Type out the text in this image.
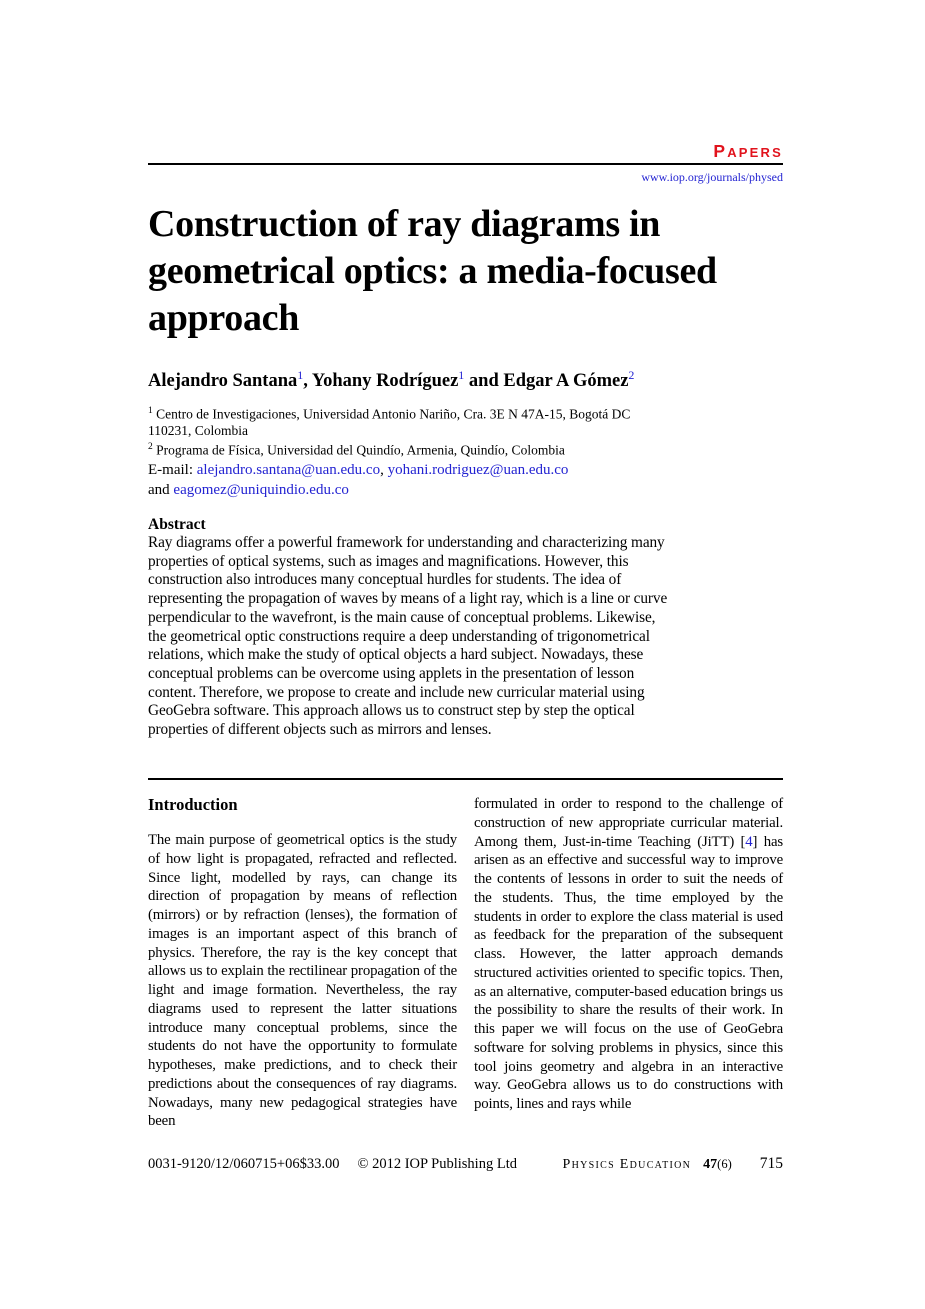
PAPERS
www.iop.org/journals/physed
Construction of ray diagrams in geometrical optics: a media-focused approach
Alejandro Santana$^1$, Yohany Rodríguez$^1$ and Edgar A Gómez$^2$
$^1$ Centro de Investigaciones, Universidad Antonio Nariño, Cra. 3E N 47A-15, Bogotá DC 110231, Colombia
$^2$ Programa de Física, Universidad del Quindío, Armenia, Quindío, Colombia
E-mail: alejandro.santana@uan.edu.co, yohani.rodriguez@uan.edu.co
and eagomez@uniquindio.edu.co
Abstract
Ray diagrams offer a powerful framework for understanding and characterizing many properties of optical systems, such as images and magnifications. However, this construction also introduces many conceptual hurdles for students. The idea of representing the propagation of waves by means of a light ray, which is a line or curve perpendicular to the wavefront, is the main cause of conceptual problems. Likewise, the geometrical optic constructions require a deep understanding of trigonometrical relations, which make the study of optical objects a hard subject. Nowadays, these conceptual problems can be overcome using applets in the presentation of lesson content. Therefore, we propose to create and include new curricular material using GeoGebra software. This approach allows us to construct step by step the optical properties of different objects such as mirrors and lenses.
Introduction

The main purpose of geometrical optics is the study of how light is propagated, refracted and reflected. Since light, modelled by rays, can change its direction of propagation by means of reflection (mirrors) or by refraction (lenses), the formation of images is an important aspect of this branch of physics. Therefore, the ray is the key concept that allows us to explain the rectilinear propagation of the light and image formation. Nevertheless, the ray diagrams used to represent the latter situations introduce many conceptual problems, since the students do not have the opportunity to formulate hypotheses, make predictions, and to check their predictions about the consequences of ray diagrams. Nowadays, many new pedagogical strategies have been

formulated in order to respond to the challenge of construction of new appropriate curricular material. Among them, Just-in-time Teaching (JiTT) [4] has arisen as an effective and successful way to improve the contents of lessons in order to suit the needs of the students. Thus, the time employed by the students in order to explore the class material is used as feedback for the preparation of the subsequent class. However, the latter approach demands structured activities oriented to specific topics. Then, as an alternative, computer-based education brings us the possibility to share the results of their work. In this paper we will focus on the use of GeoGebra software for solving problems in physics, since this tool joins geometry and algebra in an interactive way. GeoGebra allows us to do constructions with points, lines and rays while

0031-9120/12/060715+06$33.00 © 2012 IOP Publishing Ltd	Physics Education 47(6) 715
